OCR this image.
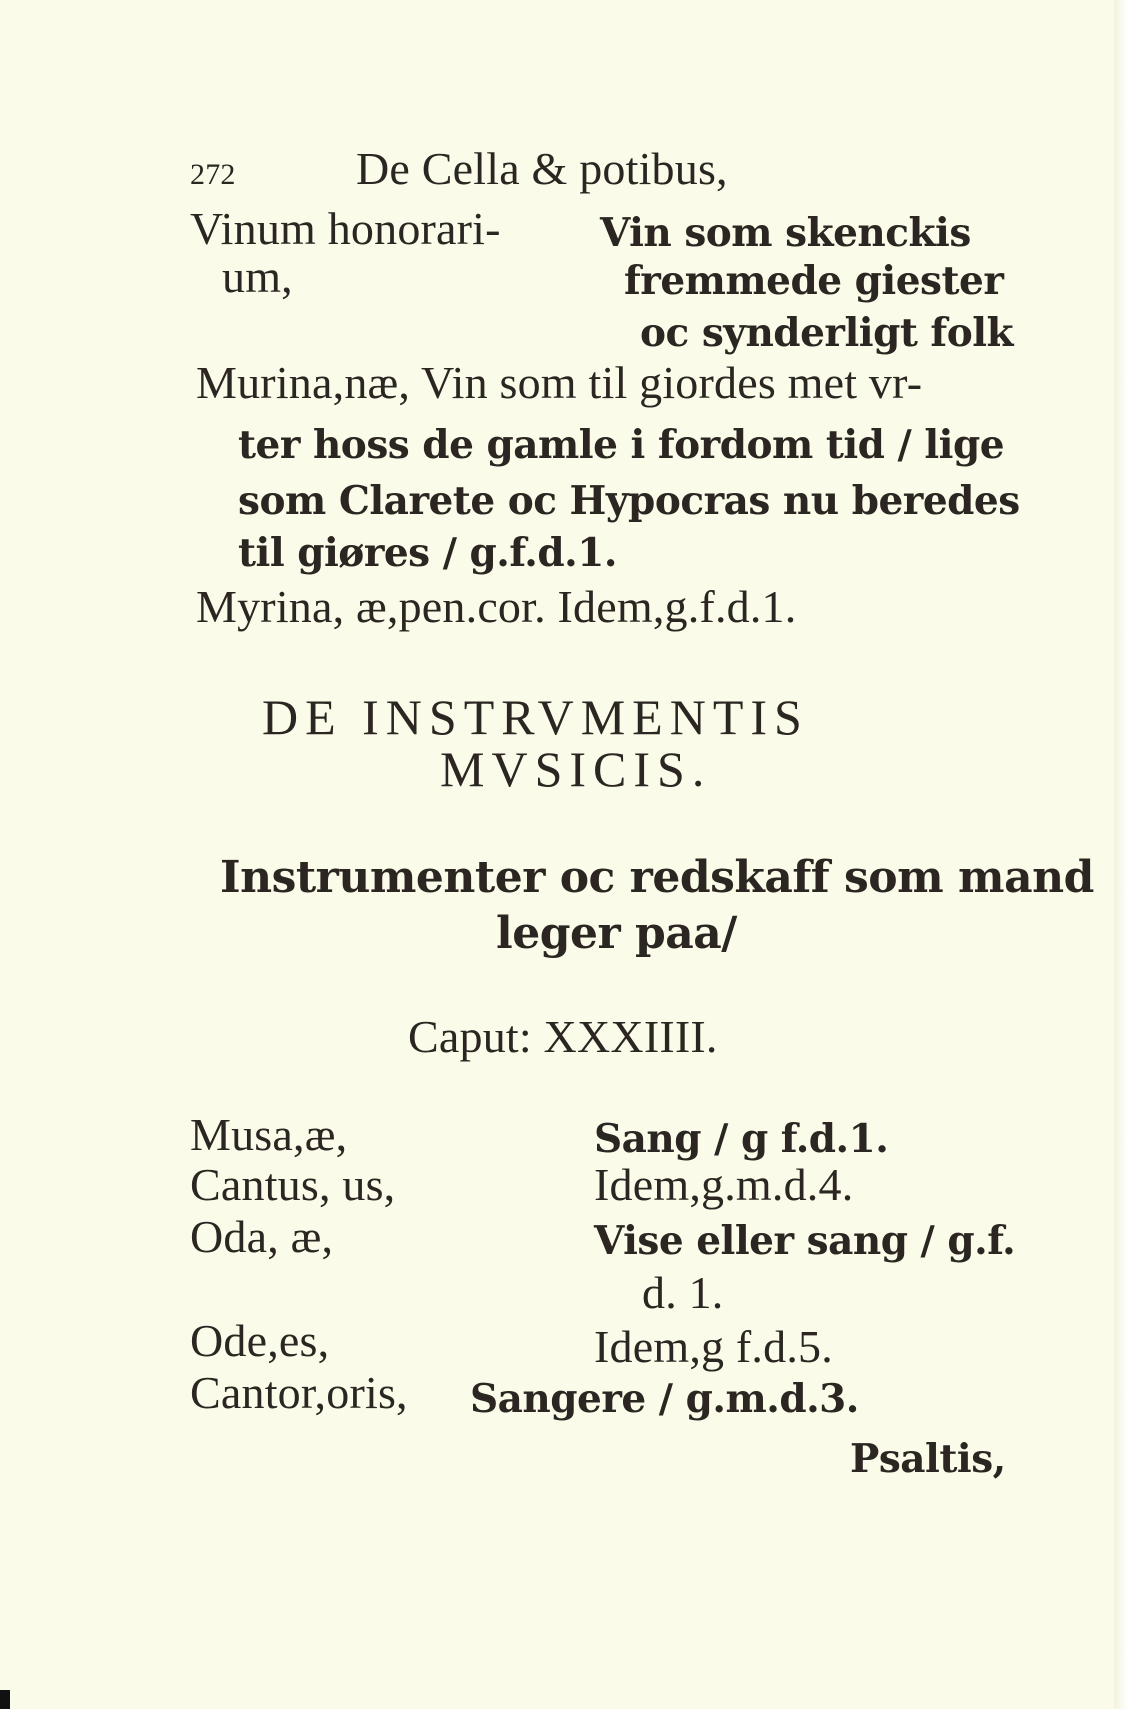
272	De Cella & potibus,
Vinum honorari-	Vin som skenckis
um,	fremmede giester
oc synderligt folk
Murina,næ, Vin som til giordes met vr-
ter hoss de gamle i fordom tid / lige
som Clarete oc Hypocras nu beredes
til giøres / g.f.d.1.
Myrina, æ,pen.cor. Idem,g.f.d.1.
DE INSTRVMENTIS
MVSICIS.
Instrumenter oc redskaff som mand
leger paa/
Caput: XXXIIII.
Musa,æ,	Sang / g f.d.1.
Cantus, us,	Idem,g.m.d.4.
Oda, æ,	Vise eller sang / g.f.
d. 1.
Ode,es,	Idem,g f.d.5.
Cantor,oris, Sangere / g.m.d.3.
Psaltis,
